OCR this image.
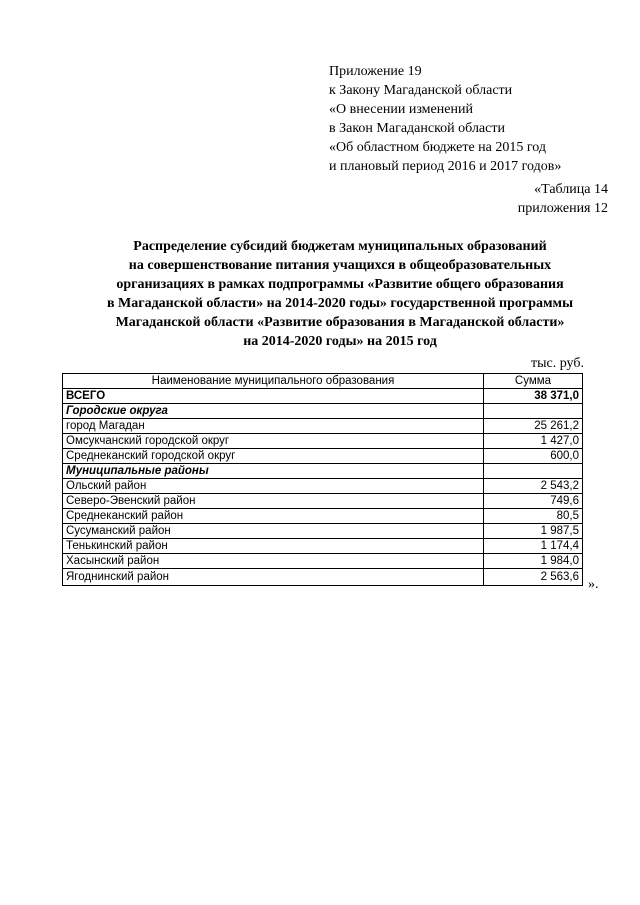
Приложение 19
к Закону Магаданской области
«О внесении изменений
в Закон Магаданской области
«Об областном бюджете на 2015 год
и плановый период 2016 и 2017 годов»
«Таблица 14
приложения 12
Распределение субсидий бюджетам муниципальных образований
на совершенствование питания учащихся в общеобразовательных
организациях в рамках подпрограммы «Развитие общего образования
в Магаданской области» на 2014-2020 годы» государственной программы
Магаданской области «Развитие образования в Магаданской области»
на 2014-2020 годы» на 2015 год
тыс. руб.
Наименование муниципального образования	Сумма
ВСЕГО	38 371,0
Городские округа	
город Магадан	25 261,2
Омсукчанский городской округ	1 427,0
Среднеканский городской округ	600,0
Муниципальные районы	
Ольский район	2 543,2
Северо-Эвенский район	749,6
Среднеканский район	80,5
Сусуманский район	1 987,5
Тенькинский район	1 174,4
Хасынский район	1 984,0
Ягоднинский район	2 563,6
».
